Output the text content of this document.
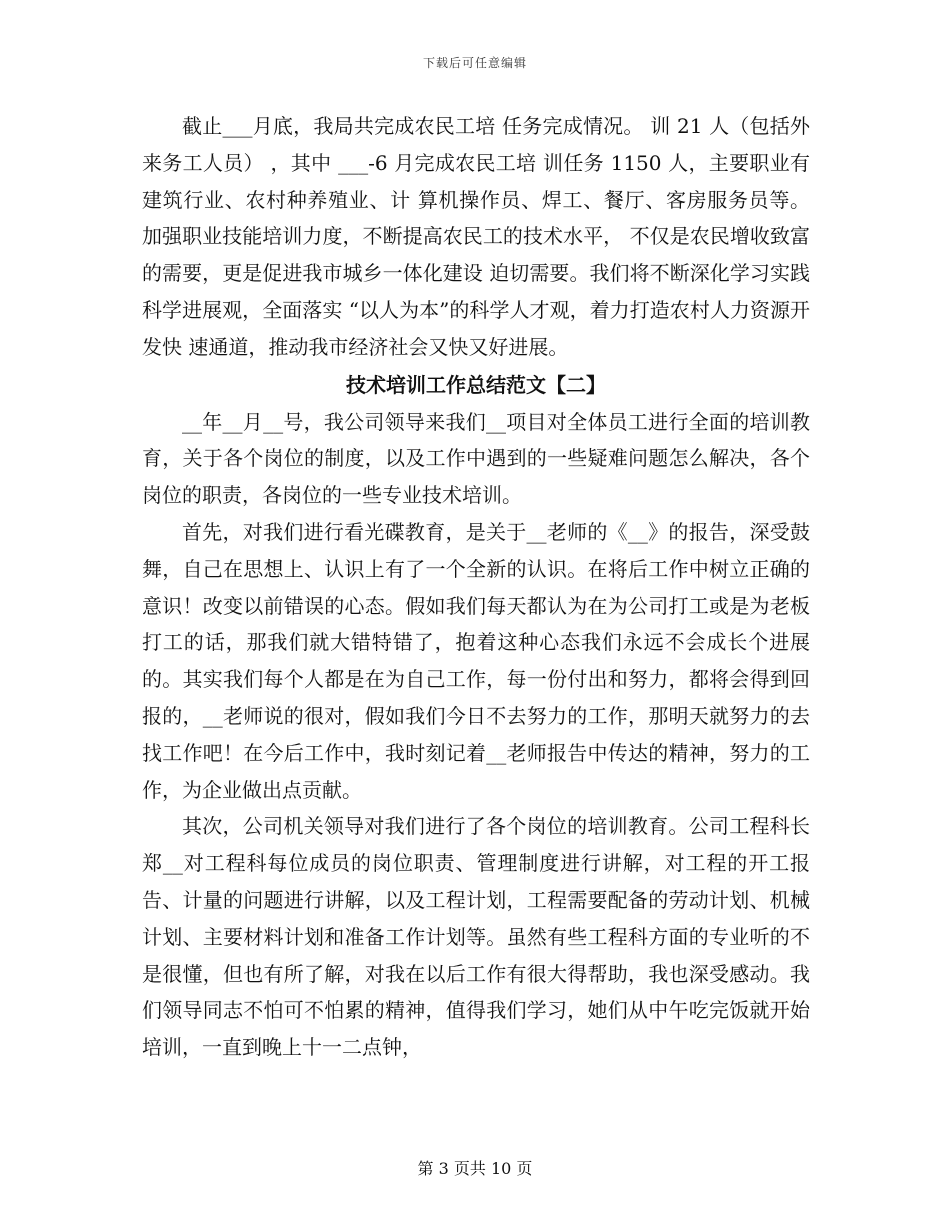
下载后可任意编辑

截止___月底，我局共完成农民工培 任务完成情况。 训 21 人（包括外来务工人员） ，其中 ___-6 月完成农民工培 训任务 1150 人，主要职业有建筑行业、农村种养殖业、计 算机操作员、焊工、餐厅、客房服务员等。 加强职业技能培训力度，不断提高农民工的技术水平， 不仅是农民增收致富的需要，更是促进我市城乡一体化建设 迫切需要。我们将不断深化学习实践科学进展观，全面落实 “以人为本”的科学人才观，着力打造农村人力资源开发快 速通道，推动我市经济社会又快又好进展。

技术培训工作总结范文【二】

__年__月__号，我公司领导来我们__项目对全体员工进行全面的培训教育，关于各个岗位的制度，以及工作中遇到的一些疑难问题怎么解决，各个岗位的职责，各岗位的一些专业技术培训。

首先，对我们进行看光碟教育，是关于__老师的《__》的报告，深受鼓舞，自己在思想上、认识上有了一个全新的认识。在将后工作中树立正确的意识！改变以前错误的心态。假如我们每天都认为在为公司打工或是为老板打工的话，那我们就大错特错了，抱着这种心态我们永远不会成长个进展的。其实我们每个人都是在为自己工作，每一份付出和努力，都将会得到回报的，__老师说的很对，假如我们今日不去努力的工作，那明天就努力的去找工作吧！在今后工作中，我时刻记着__老师报告中传达的精神，努力的工作，为企业做出点贡献。

其次，公司机关领导对我们进行了各个岗位的培训教育。公司工程科长郑__对工程科每位成员的岗位职责、管理制度进行讲解，对工程的开工报告、计量的问题进行讲解，以及工程计划，工程需要配备的劳动计划、机械计划、主要材料计划和准备工作计划等。虽然有些工程科方面的专业听的不是很懂，但也有所了解，对我在以后工作有很大得帮助，我也深受感动。我们领导同志不怕可不怕累的精神，值得我们学习，她们从中午吃完饭就开始培训，一直到晚上十一二点钟，

第 3 页共 10 页
